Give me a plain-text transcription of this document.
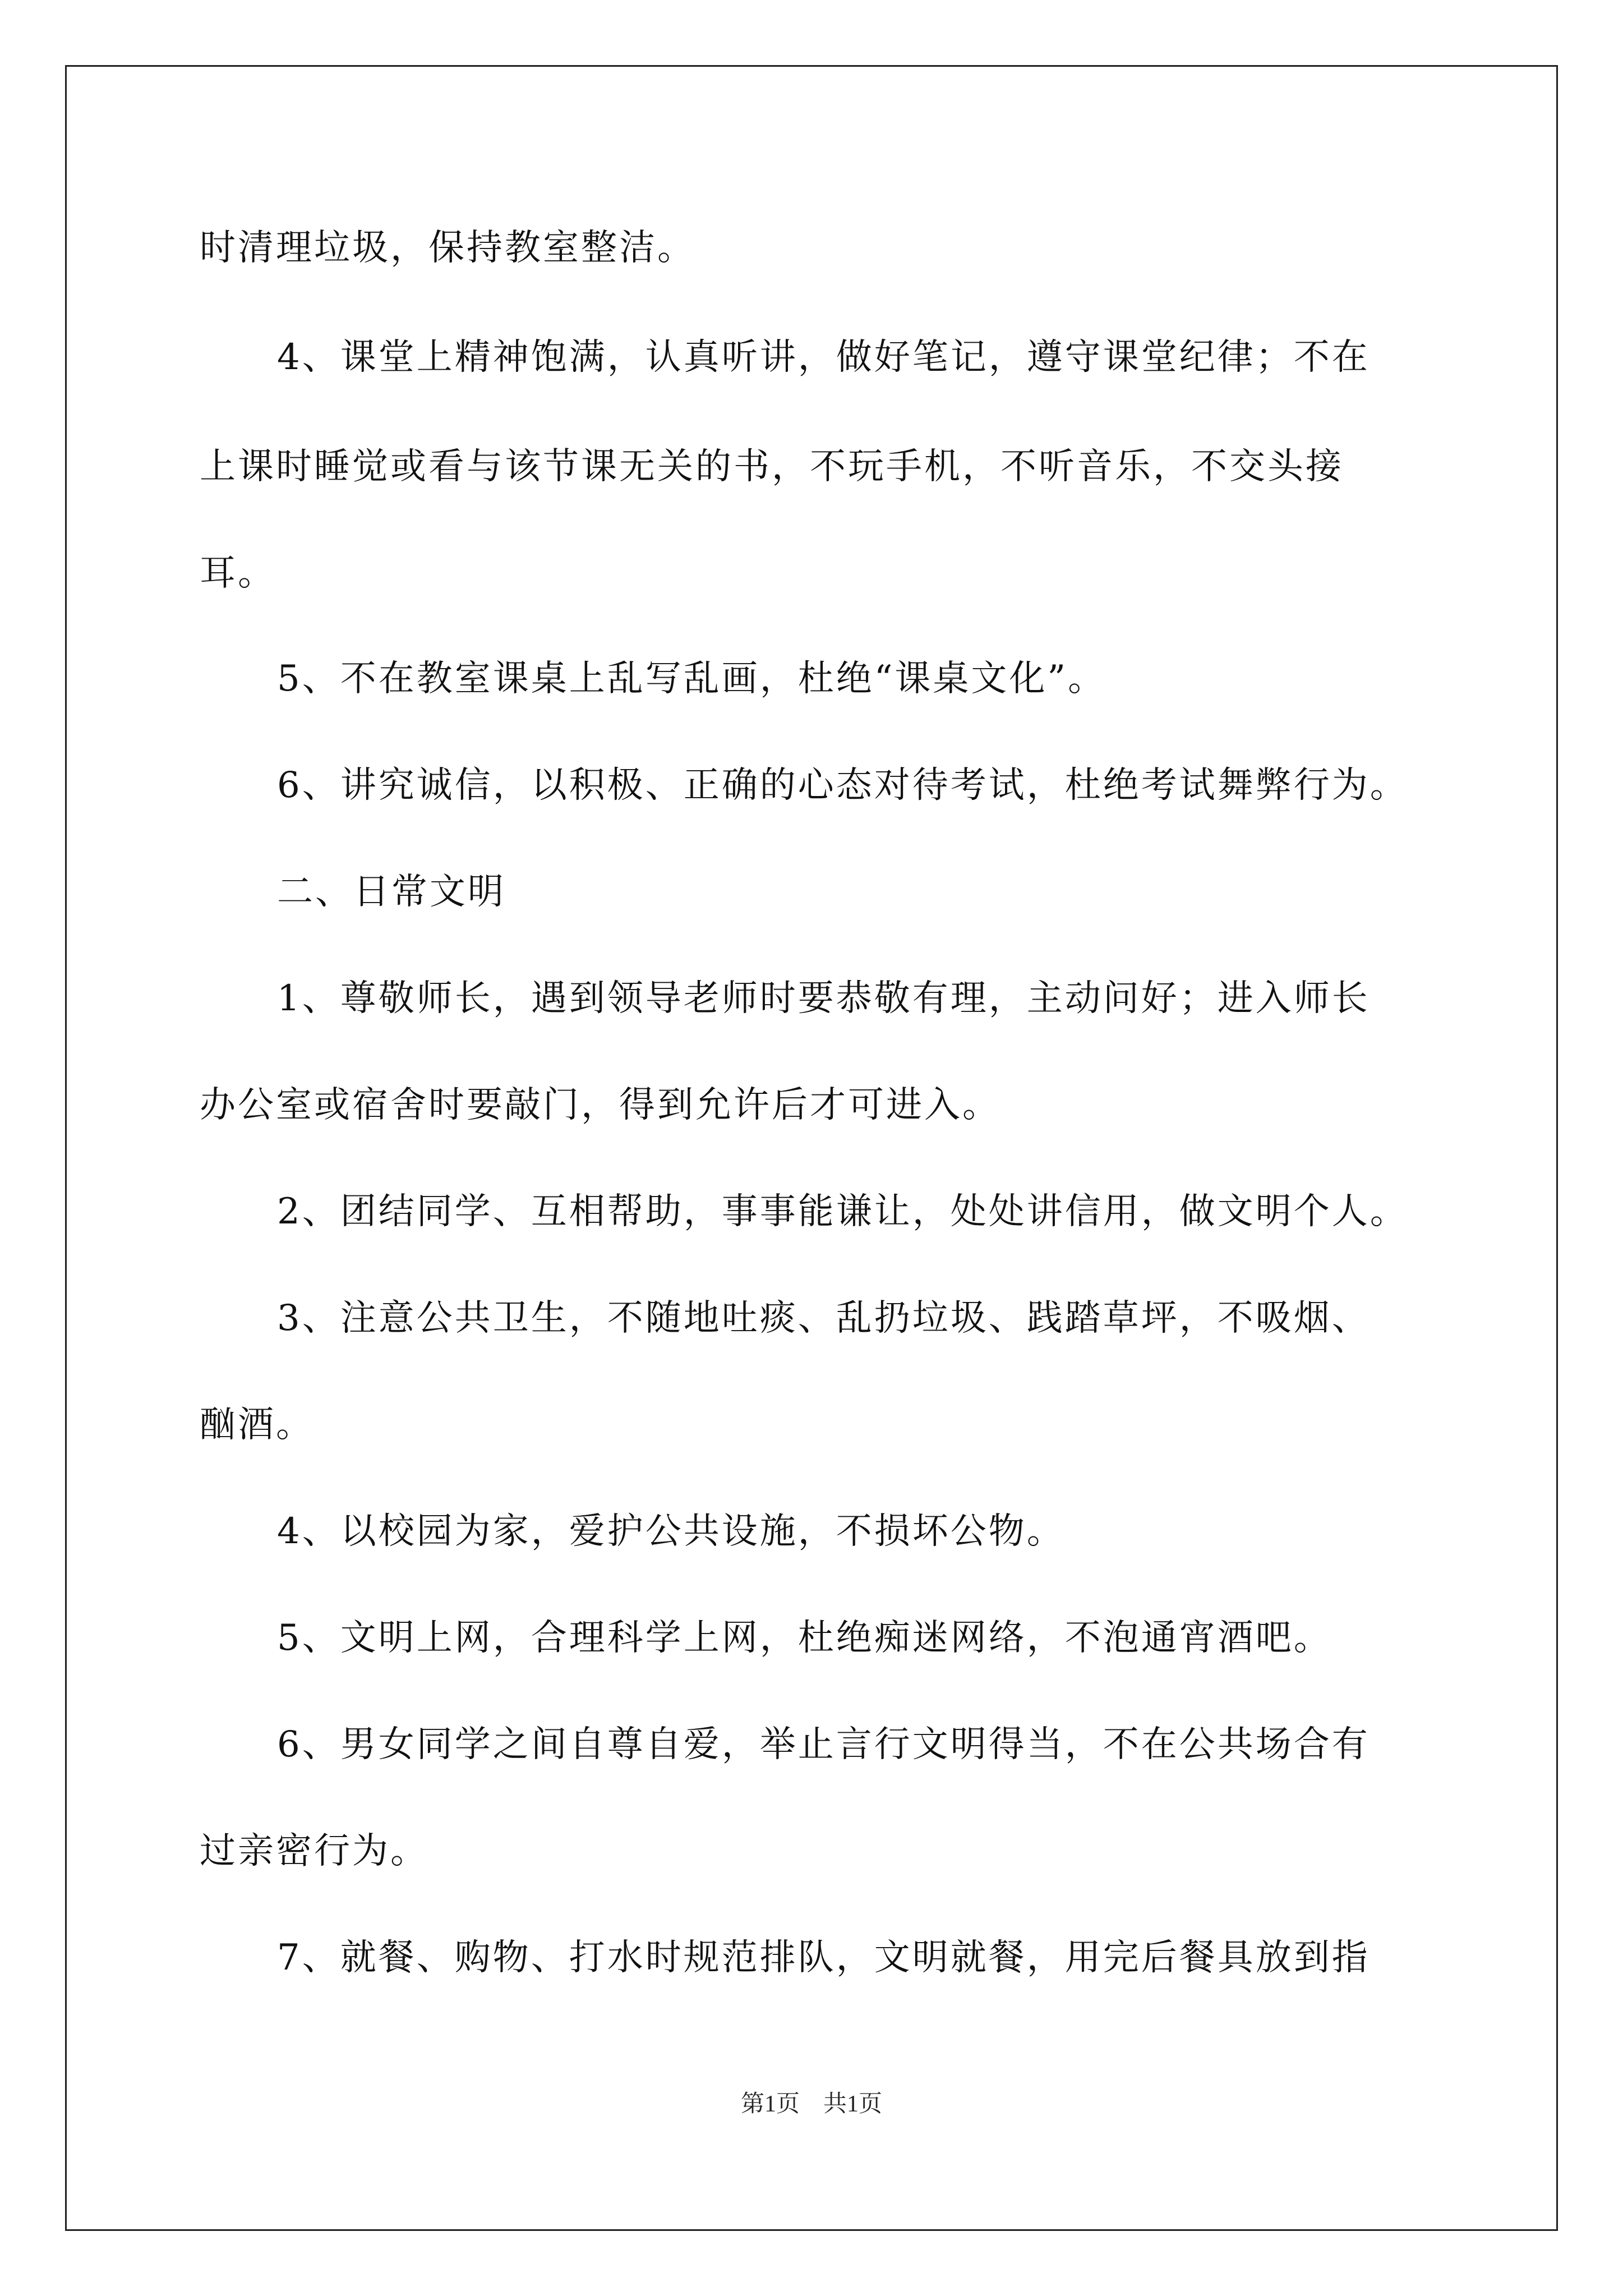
时清理垃圾，保持教室整洁。
4、课堂上精神饱满，认真听讲，做好笔记，遵守课堂纪律；不在
上课时睡觉或看与该节课无关的书，不玩手机，不听音乐，不交头接
耳。
5、不在教室课桌上乱写乱画，杜绝“课桌文化”。
6、讲究诚信，以积极、正确的心态对待考试，杜绝考试舞弊行为。
二、日常文明
1、尊敬师长，遇到领导老师时要恭敬有理，主动问好；进入师长
办公室或宿舍时要敲门，得到允许后才可进入。
2、团结同学、互相帮助，事事能谦让，处处讲信用，做文明个人。
3、注意公共卫生，不随地吐痰、乱扔垃圾、践踏草坪，不吸烟、
酗酒。
4、以校园为家，爱护公共设施，不损坏公物。
5、文明上网，合理科学上网，杜绝痴迷网络，不泡通宵酒吧。
6、男女同学之间自尊自爱，举止言行文明得当，不在公共场合有
过亲密行为。
7、就餐、购物、打水时规范排队，文明就餐，用完后餐具放到指
第1页　共1页
